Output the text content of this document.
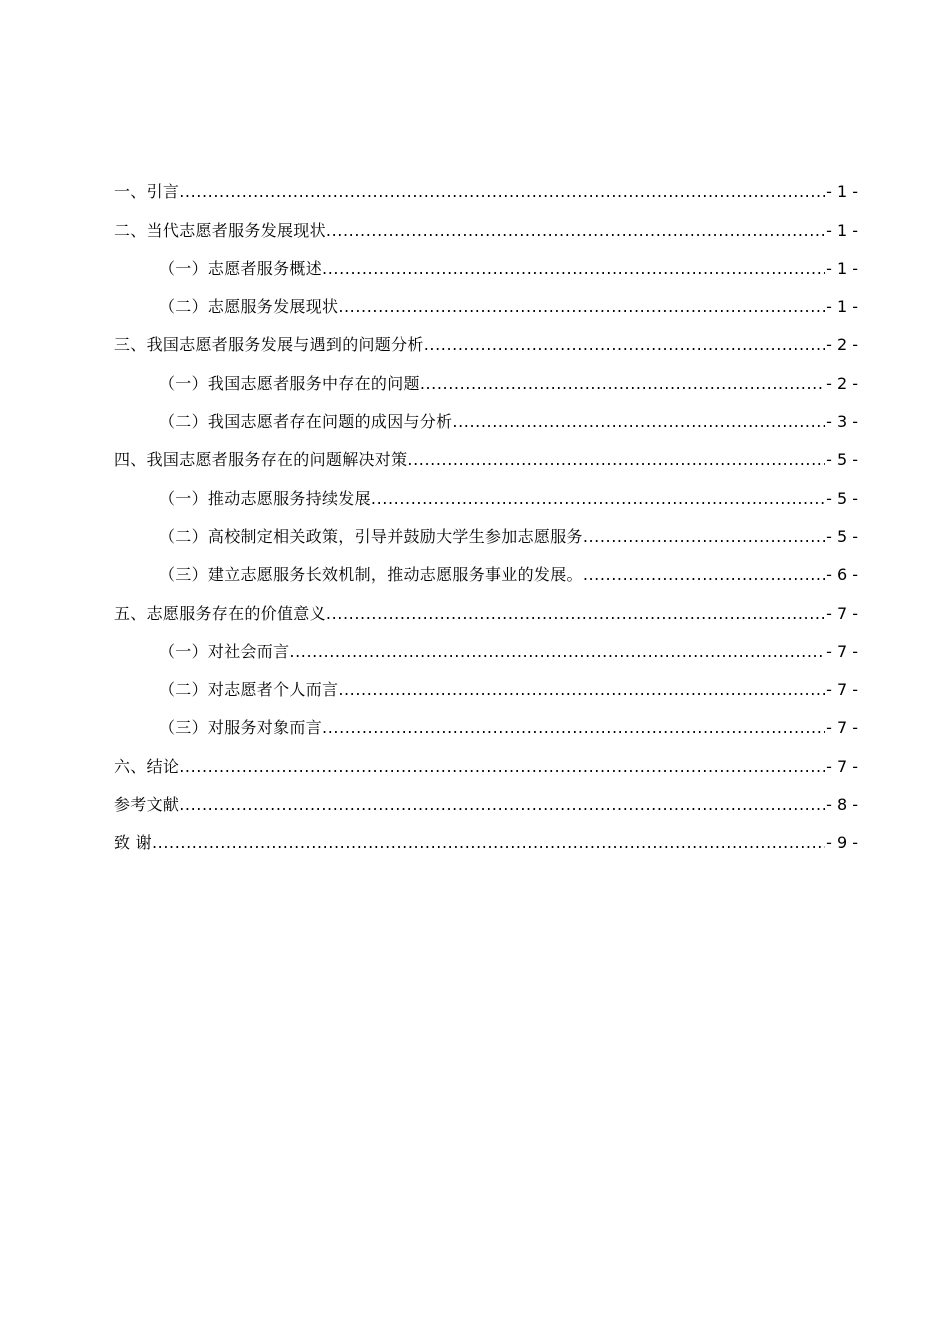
一、引言 .....	- 1 -
二、当代志愿者服务发展现状 .....	- 1 -
（一）志愿者服务概述 .....	- 1 -
（二）志愿服务发展现状 .....	- 1 -
三、我国志愿者服务发展与遇到的问题分析 .....	- 2 -
（一）我国志愿者服务中存在的问题 .....	- 2 -
（二）我国志愿者存在问题的成因与分析 .....	- 3 -
四、我国志愿者服务存在的问题解决对策 .....	- 5 -
（一）推动志愿服务持续发展 .....	- 5 -
（二）高校制定相关政策，引导并鼓励大学生参加志愿服务 .....	- 5 -
（三）建立志愿服务长效机制，推动志愿服务事业的发展。 .....	- 6 -
五、志愿服务存在的价值意义 .....	- 7 -
（一）对社会而言 .....	- 7 -
（二）对志愿者个人而言 .....	- 7 -
（三）对服务对象而言 .....	- 7 -
六、结论 .....	- 7 -
参考文献 .....	- 8 -
致 谢 .....	- 9 -
